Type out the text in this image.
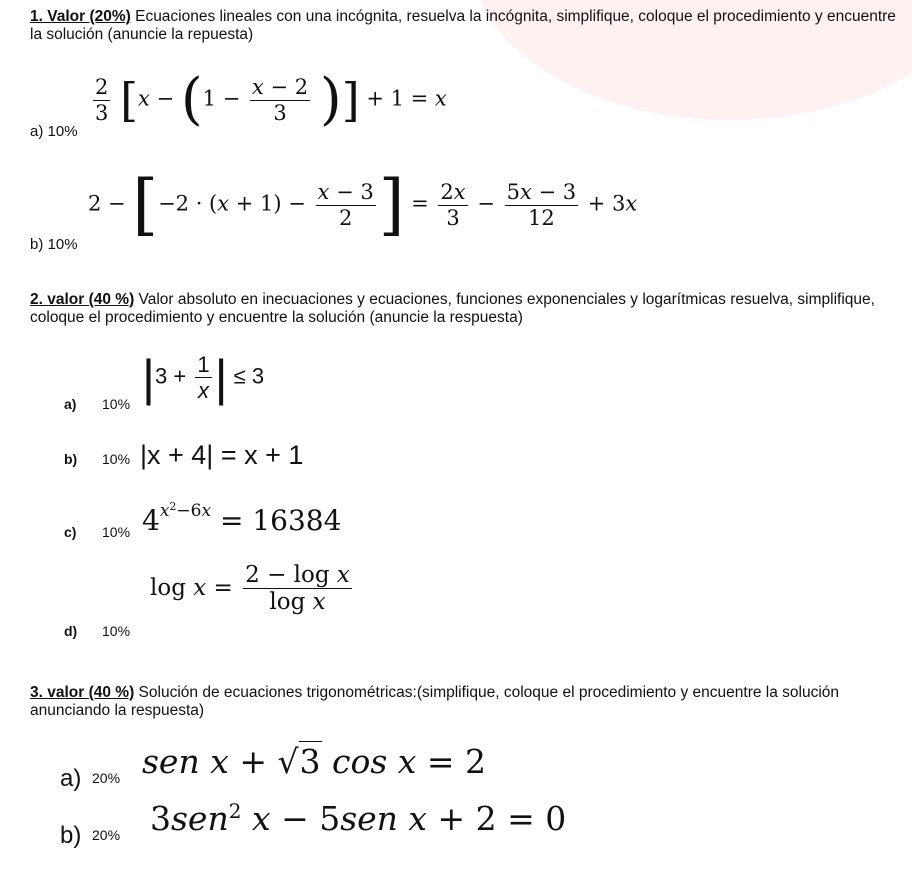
1. Valor (20%) Ecuaciones lineales con una incógnita, resuelva la incógnita, simplifique, coloque el procedimiento y encuentre la solución (anuncie la repuesta)
a) 10%
$\frac{2}{3} [x - (1 - \frac{x - 2}{3}$ )] + 1 = x
b) 10%
$2 - [-2 \cdot (x + 1) - \frac{x - 3}{2}$ ] = $\frac{2x}{3} - \frac{5x - 3}{12} + 3x$
2. valor (40 %) Valor absoluto en inecuaciones y ecuaciones, funciones exponenciales y logarítmicas resuelva, simplifique, coloque el procedimiento y encuentre la solución (anuncie la respuesta)
a) 10% $|3 + \frac{1}{x}$ | ≤ 3
b) 10% |x + 4| = x + 1
c) 10% $4^{x^2-6x} = 16384$
d) 10%
$\log x = \frac{\text{2 − log x}}{\text{log x}}$
3. valor (40 %) Solución de ecuaciones trigonométricas:(simplifique, coloque el procedimiento y encuentre la solución anunciando la respuesta)
a) 20% sen x + √3 cos x = 2
b) 20% 3sen$^2$ x − 5sen x + 2 = 0
